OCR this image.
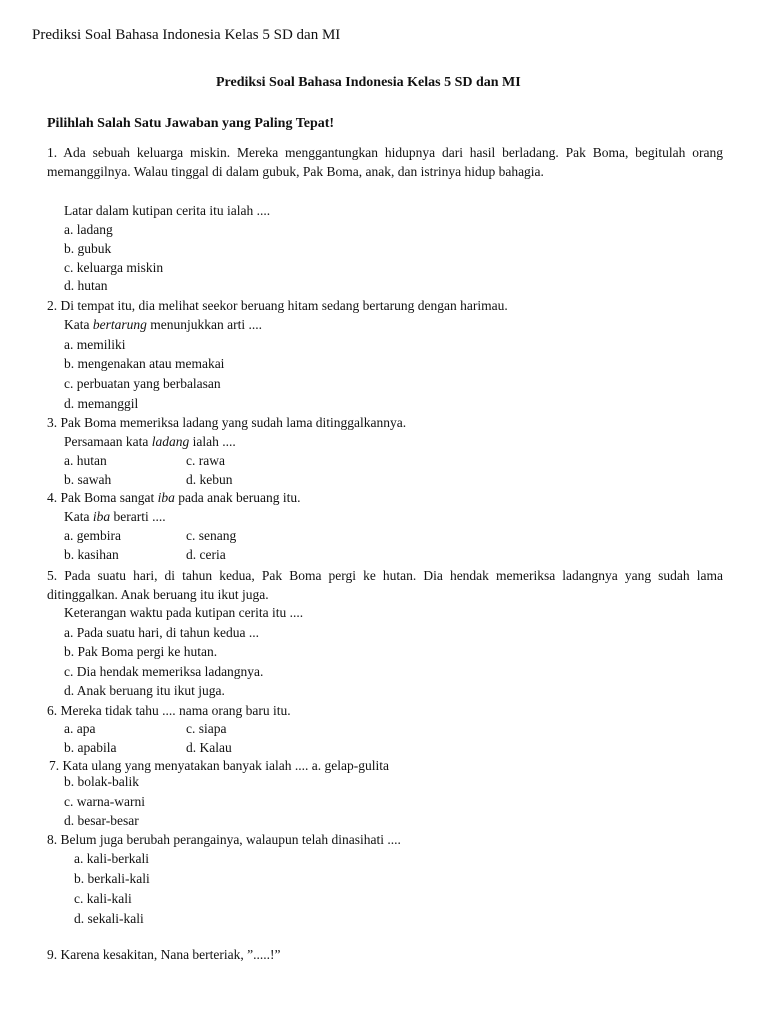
Prediksi Soal Bahasa Indonesia Kelas 5 SD dan MI
Prediksi Soal Bahasa Indonesia Kelas 5 SD dan MI
Pilihlah Salah Satu Jawaban yang Paling Tepat!
1. Ada sebuah keluarga miskin. Mereka menggantungkan hidupnya dari hasil berladang. Pak Boma, begitulah orang memanggilnya. Walau tinggal di dalam gubuk, Pak Boma, anak, dan istrinya hidup bahagia.
Latar dalam kutipan cerita itu ialah ....
a. ladang
b. gubuk
c. keluarga miskin
d. hutan
2. Di tempat itu, dia melihat seekor beruang hitam sedang bertarung dengan harimau.
Kata bertarung menunjukkan arti ....
a. memiliki
b. mengenakan atau memakai
c. perbuatan yang berbalasan
d. memanggil
3. Pak Boma memeriksa ladang yang sudah lama ditinggalkannya.
Persamaan kata ladang ialah ....
a. hutan	c. rawa
b. sawah	d. kebun
4. Pak Boma sangat iba pada anak beruang itu.
Kata iba berarti ....
a. gembira	c. senang
b. kasihan	d. ceria
5. Pada suatu hari, di tahun kedua, Pak Boma pergi ke hutan. Dia hendak memeriksa ladangnya yang sudah lama ditinggalkan. Anak beruang itu ikut juga.
Keterangan waktu pada kutipan cerita itu ....
a. Pada suatu hari, di tahun kedua ...
b. Pak Boma pergi ke hutan.
c. Dia hendak memeriksa ladangnya.
d. Anak beruang itu ikut juga.
6. Mereka tidak tahu .... nama orang baru itu.
a. apa	c. siapa
b. apabila	d. Kalau
7. Kata ulang yang menyatakan banyak ialah .... a. gelap-gulita
b. bolak-balik
c. warna-warni
d. besar-besar
8. Belum juga berubah perangainya, walaupun telah dinasihati ....
a. kali-berkali
b. berkali-kali
c. kali-kali
d. sekali-kali
9. Karena kesakitan, Nana berteriak, ”.....!”
